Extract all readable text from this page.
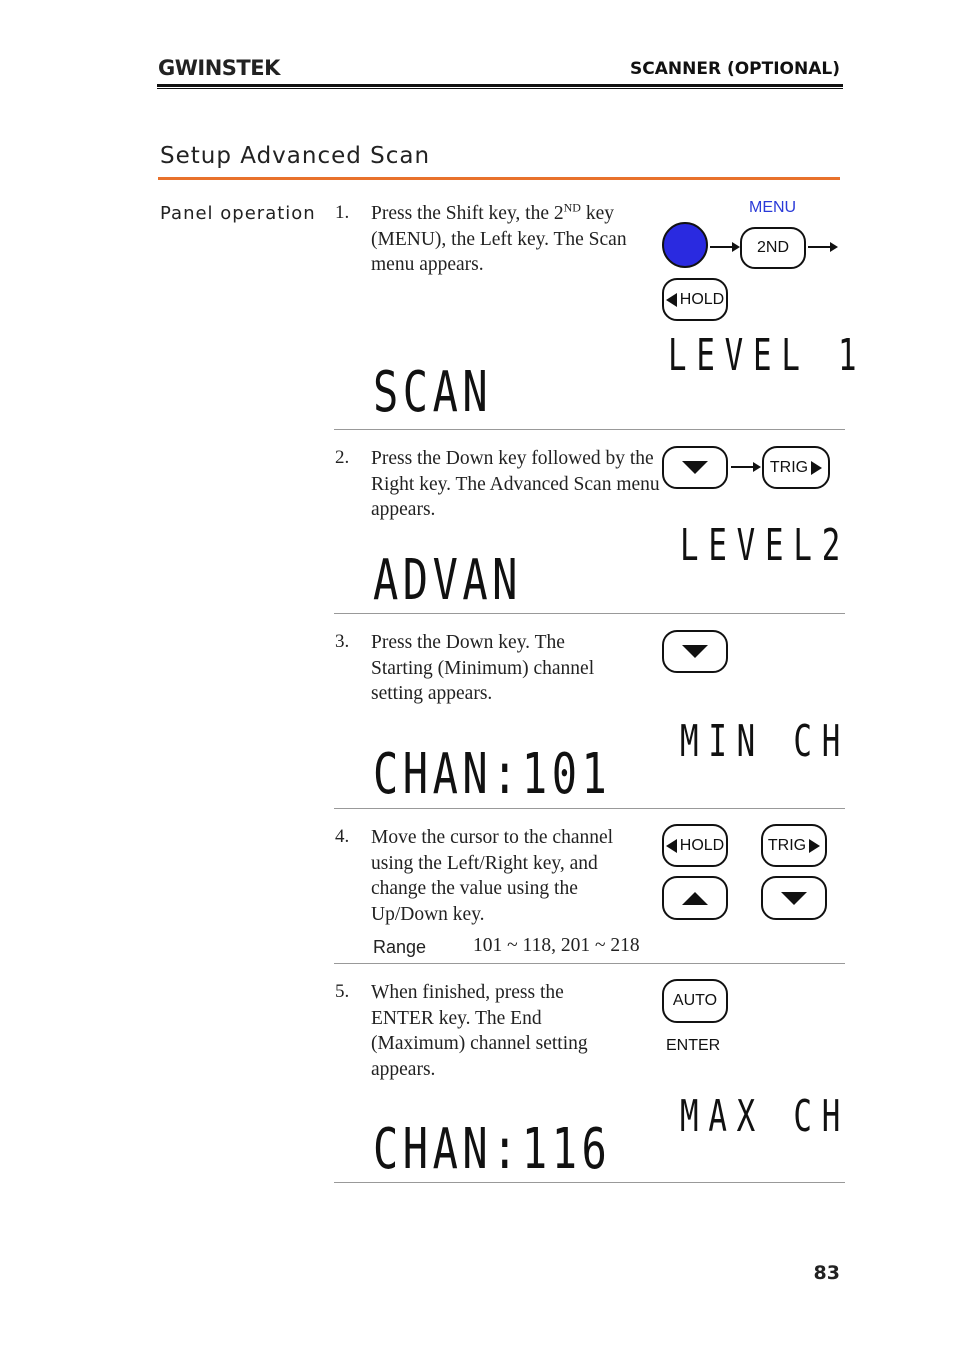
GWINSTEK	SCANNER (OPTIONAL)
Setup Advanced Scan
Panel operation 1. Press the Shift key, the 2ND key (MENU), the Left key. The Scan menu appears.
MENU
2ND
HOLD
LEVEL 1
SCAN
2. Press the Down key followed by the Right key. The Advanced Scan menu appears.
TRIG
LEVEL2
ADVAN
3. Press the Down key. The Starting (Minimum) channel setting appears.
MIN CH
CHAN:101
4. Move the cursor to the channel using the Left/Right key, and change the value using the Up/Down key.
HOLD	TRIG
Range 101 ~ 118, 201 ~ 218
5. When finished, press the ENTER key. The End (Maximum) channel setting appears.
AUTO
ENTER
MAX CH
CHAN:116
83
